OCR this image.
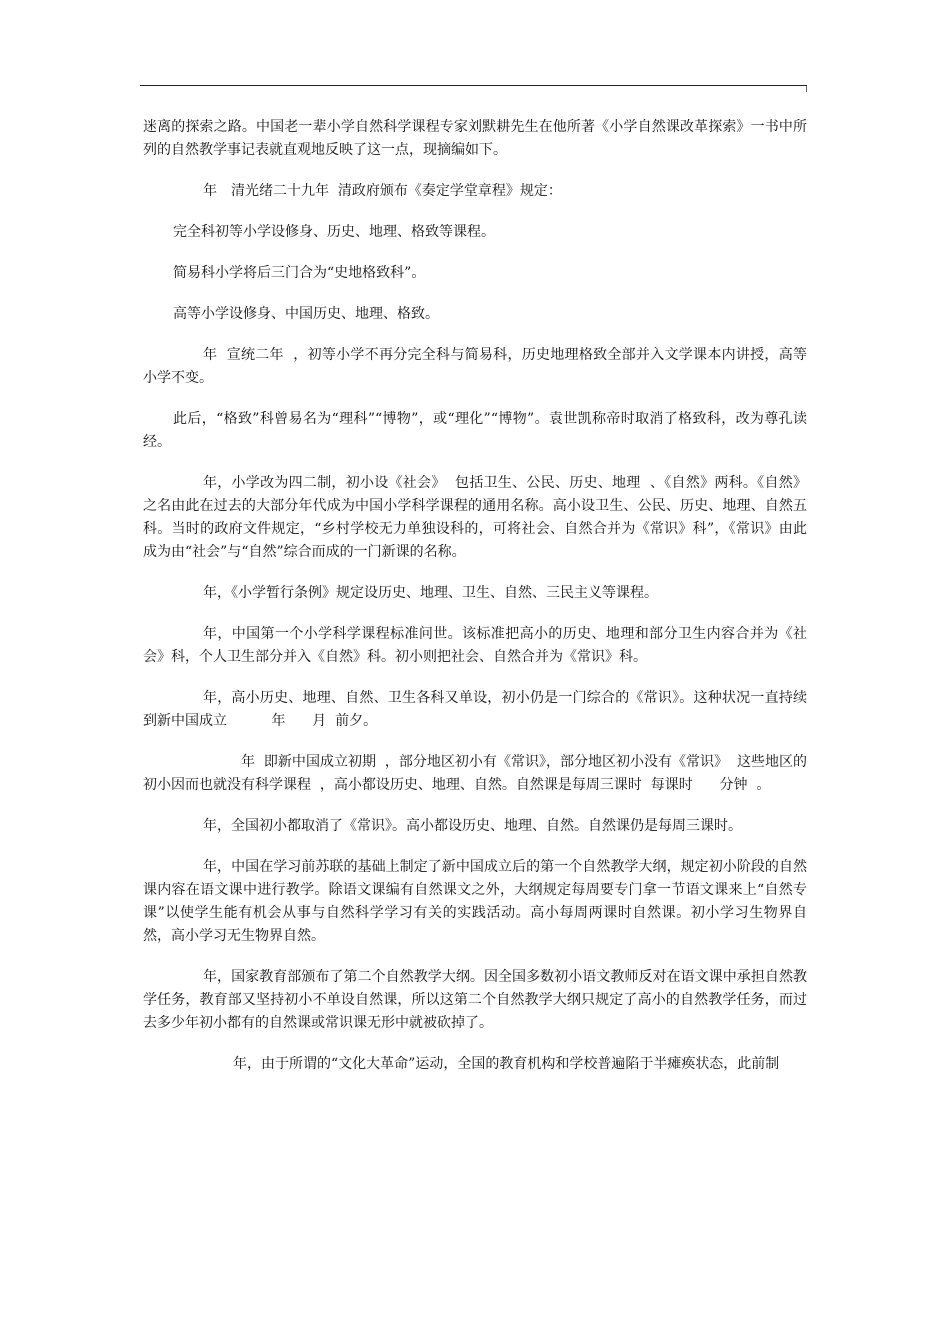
迷离的探索之路。中国老一辈小学自然科学课程专家刘默耕先生在他所著《小学自然课改革探索》一书中所列的自然教学事记表就直观地反映了这一点，现摘编如下。

年　清光绪二十九年  清政府颁布《奏定学堂章程》规定：

完全科初等小学设修身、历史、地理、格致等课程。

简易科小学将后三门合为“史地格致科”。

高等小学设修身、中国历史、地理、格致。

年  宣统二年  ，初等小学不再分完全科与简易科，历史地理格致全部并入文学课本内讲授，高等小学不变。

此后，“格致”科曾易名为“理科”“博物”，或“理化”“博物”。袁世凯称帝时取消了格致科，改为尊孔读经。

年，小学改为四二制，初小设《社会》  包括卫生、公民、历史、地理  、《自然》两科。《自然》之名由此在过去的大部分年代成为中国小学科学课程的通用名称。高小设卫生、公民、历史、地理、自然五科。当时的政府文件规定，“乡村学校无力单独设科的，可将社会、自然合并为《常识》科”，《常识》由此成为由“社会”与“自然”综合而成的一门新课的名称。

年，《小学暂行条例》规定设历史、地理、卫生、自然、三民主义等课程。

年，中国第一个小学科学课程标准问世。该标准把高小的历史、地理和部分卫生内容合并为《社会》科，个人卫生部分并入《自然》科。初小则把社会、自然合并为《常识》科。

年，高小历史、地理、自然、卫生各科又单设，初小仍是一门综合的《常识》。这种状况一直持续到新中国成立          年      月  前夕。

年  即新中国成立初期  ，部分地区初小有《常识》，部分地区初小没有《常识》  这些地区的初小因而也就没有科学课程  ，高小都设历史、地理、自然。自然课是每周三课时  每课时      分钟  。

年，全国初小都取消了《常识》。高小都设历史、地理、自然。自然课仍是每周三课时。

年，中国在学习前苏联的基础上制定了新中国成立后的第一个自然教学大纲，规定初小阶段的自然课内容在语文课中进行教学。除语文课编有自然课文之外，大纲规定每周要专门拿一节语文课来上“自然专课”以使学生能有机会从事与自然科学学习有关的实践活动。高小每周两课时自然课。初小学习生物界自然，高小学习无生物界自然。

年，国家教育部颁布了第二个自然教学大纲。因全国多数初小语文教师反对在语文课中承担自然教学任务，教育部又坚持初小不单设自然课，所以这第二个自然教学大纲只规定了高小的自然教学任务，而过去多少年初小都有的自然课或常识课无形中就被砍掉了。

年，由于所谓的“文化大革命”运动，全国的教育机构和学校普遍陷于半瘫痪状态，此前制
